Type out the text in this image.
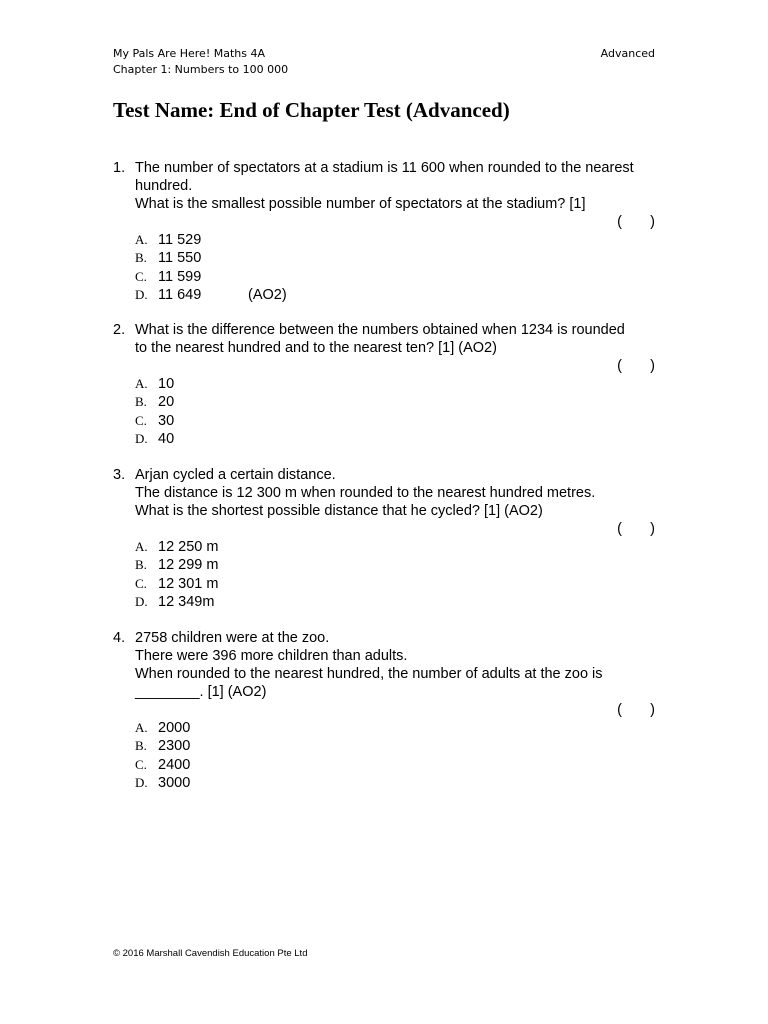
My Pals Are Here! Maths 4A
Chapter 1: Numbers to 100 000
Advanced
Test Name: End of Chapter Test (Advanced)
1. The number of spectators at a stadium is 11 600 when rounded to the nearest
hundred.
What is the smallest possible number of spectators at the stadium? [1]
(       )
A. 11 529
B. 11 550
C. 11 599
D. 11 649	(AO2)
2. What is the difference between the numbers obtained when 1234 is rounded
to the nearest hundred and to the nearest ten? [1] (AO2)
(       )
A. 10
B. 20
C. 30
D. 40
3. Arjan cycled a certain distance.
The distance is 12 300 m when rounded to the nearest hundred metres.
What is the shortest possible distance that he cycled? [1] (AO2)
(       )
A. 12 250 m
B. 12 299 m
C. 12 301 m
D. 12 349m
4. 2758 children were at the zoo.
There were 396 more children than adults.
When rounded to the nearest hundred, the number of adults at the zoo is
________. [1] (AO2)
(       )
A. 2000
B. 2300
C. 2400
D. 3000
© 2016 Marshall Cavendish Education Pte Ltd
